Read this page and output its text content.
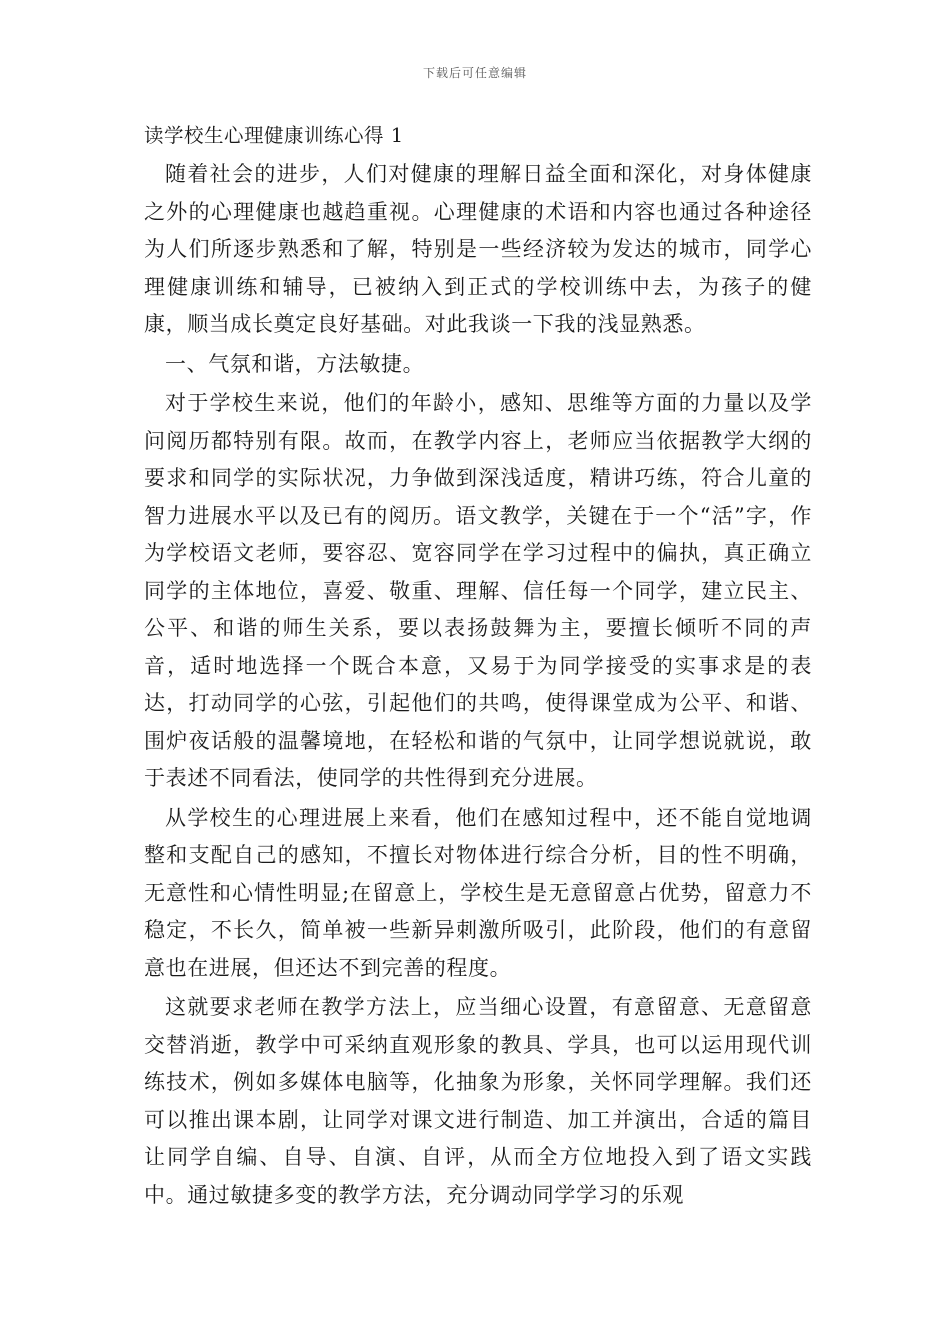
下载后可任意编辑
读学校生心理健康训练心得 1

随着社会的进步，人们对健康的理解日益全面和深化，对身体健康之外的心理健康也越趋重视。心理健康的术语和内容也通过各种途径为人们所逐步熟悉和了解，特别是一些经济较为发达的城市，同学心理健康训练和辅导，已被纳入到正式的学校训练中去，为孩子的健康，顺当成长奠定良好基础。对此我谈一下我的浅显熟悉。

一、气氛和谐，方法敏捷。

对于学校生来说，他们的年龄小，感知、思维等方面的力量以及学问阅历都特别有限。故而，在教学内容上，老师应当依据教学大纲的要求和同学的实际状况，力争做到深浅适度，精讲巧练，符合儿童的智力进展水平以及已有的阅历。语文教学，关键在于一个“活”字，作为学校语文老师，要容忍、宽容同学在学习过程中的偏执，真正确立同学的主体地位，喜爱、敬重、理解、信任每一个同学，建立民主、公平、和谐的师生关系，要以表扬鼓舞为主，要擅长倾听不同的声音，适时地选择一个既合本意，又易于为同学接受的实事求是的表达，打动同学的心弦，引起他们的共鸣，使得课堂成为公平、和谐、围炉夜话般的温馨境地，在轻松和谐的气氛中，让同学想说就说，敢于表述不同看法，使同学的共性得到充分进展。

从学校生的心理进展上来看，他们在感知过程中，还不能自觉地调整和支配自己的感知，不擅长对物体进行综合分析，目的性不明确，无意性和心情性明显;在留意上，学校生是无意留意占优势，留意力不稳定，不长久，简单被一些新异刺激所吸引，此阶段，他们的有意留意也在进展，但还达不到完善的程度。

这就要求老师在教学方法上，应当细心设置，有意留意、无意留意交替消逝，教学中可采纳直观形象的教具、学具，也可以运用现代训练技术，例如多媒体电脑等，化抽象为形象，关怀同学理解。我们还可以推出课本剧，让同学对课文进行制造、加工并演出，合适的篇目让同学自编、自导、自演、自评，从而全方位地投入到了语文实践中。通过敏捷多变的教学方法，充分调动同学学习的乐观
